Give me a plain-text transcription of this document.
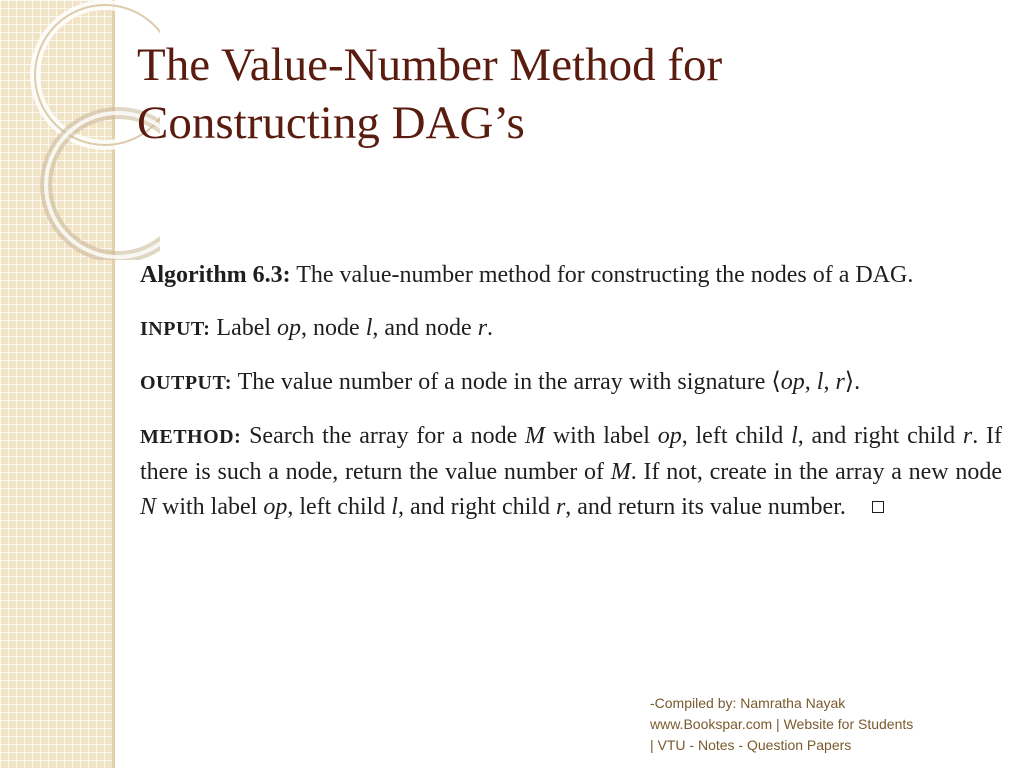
The Value-Number Method for
Constructing DAG’s

Algorithm 6.3: The value-number method for constructing the nodes of a DAG.

INPUT: Label op, node l, and node r.

OUTPUT: The value number of a node in the array with signature ⟨op, l, r⟩.

METHOD: Search the array for a node M with label op, left child l, and right child r. If there is such a node, return the value number of M. If not, create in the array a new node N with label op, left child l, and right child r, and return its value number.

-Compiled by: Namratha Nayak
www.Bookspar.com | Website for Students
| VTU - Notes - Question Papers
